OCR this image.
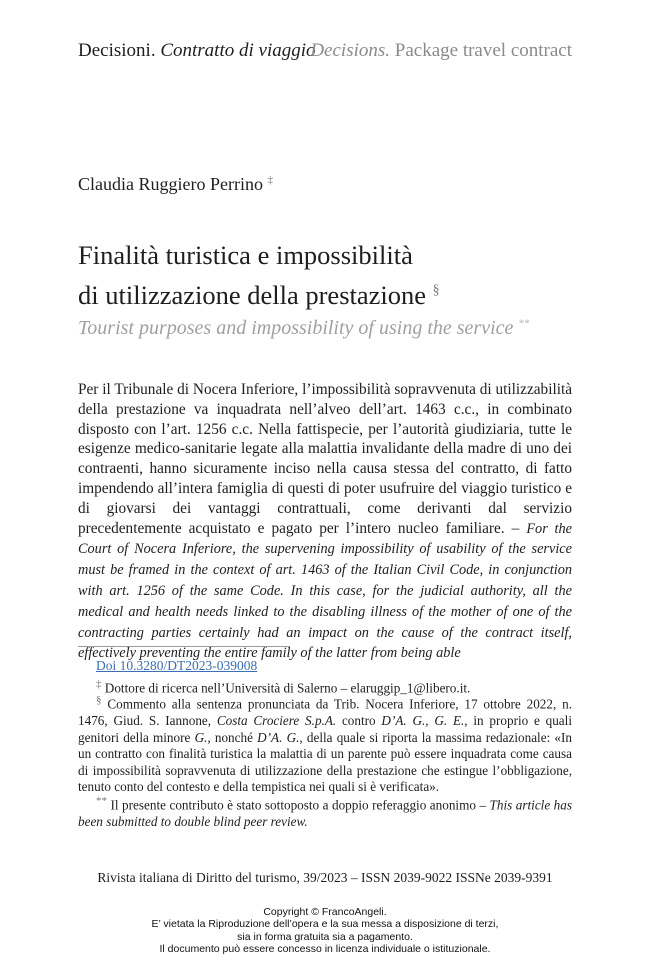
Decisioni. Contratto di viaggio
Decisions. Package travel contract
Claudia Ruggiero Perrino ‡
Finalità turistica e impossibilità
di utilizzazione della prestazione §
Tourist purposes and impossibility of using the service **
Per il Tribunale di Nocera Inferiore, l’impossibilità sopravvenuta di utilizzabilità della prestazione va inquadrata nell’alveo dell’art. 1463 c.c., in combinato disposto con l’art. 1256 c.c. Nella fattispecie, per l’autorità giudiziaria, tutte le esigenze medico-sanitarie legate alla malattia invalidante della madre di uno dei contraenti, hanno sicuramente inciso nella causa stessa del contratto, di fatto impendendo all’intera famiglia di questi di poter usufruire del viaggio turistico e di giovarsi dei vantaggi contrattuali, come derivanti dal servizio precedentemente acquistato e pagato per l’intero nucleo familiare. – For the Court of Nocera Inferiore, the supervening impossibility of usability of the service must be framed in the context of art. 1463 of the Italian Civil Code, in conjunction with art. 1256 of the same Code. In this case, for the judicial authority, all the medical and health needs linked to the disabling illness of the mother of one of the contracting parties certainly had an impact on the cause of the contract itself, effectively preventing the entire family of the latter from being able
Doi 10.3280/DT2023-039008
‡ Dottore di ricerca nell’Università di Salerno – elaruggip_1@libero.it.
§ Commento alla sentenza pronunciata da Trib. Nocera Inferiore, 17 ottobre 2022, n. 1476, Giud. S. Iannone, Costa Crociere S.p.A. contro D’A. G., G. E., in proprio e quali genitori della minore G., nonché D’A. G., della quale si riporta la massima redazionale: «In un contratto con finalità turistica la malattia di un parente può essere inquadrata come causa di impossibilità sopravvenuta di utilizzazione della prestazione che estingue l’obbligazione, tenuto conto del contesto e della tempistica nei quali si è verificata».
** Il presente contributo è stato sottoposto a doppio referaggio anonimo – This article has been submitted to double blind peer review.
Rivista italiana di Diritto del turismo, 39/2023 – ISSN 2039-9022 ISSNe 2039-9391
Copyright © FrancoAngeli.
E’ vietata la Riproduzione dell’opera e la sua messa a disposizione di terzi,
sia in forma gratuita sia a pagamento.
Il documento può essere concesso in licenza individuale o istituzionale.
